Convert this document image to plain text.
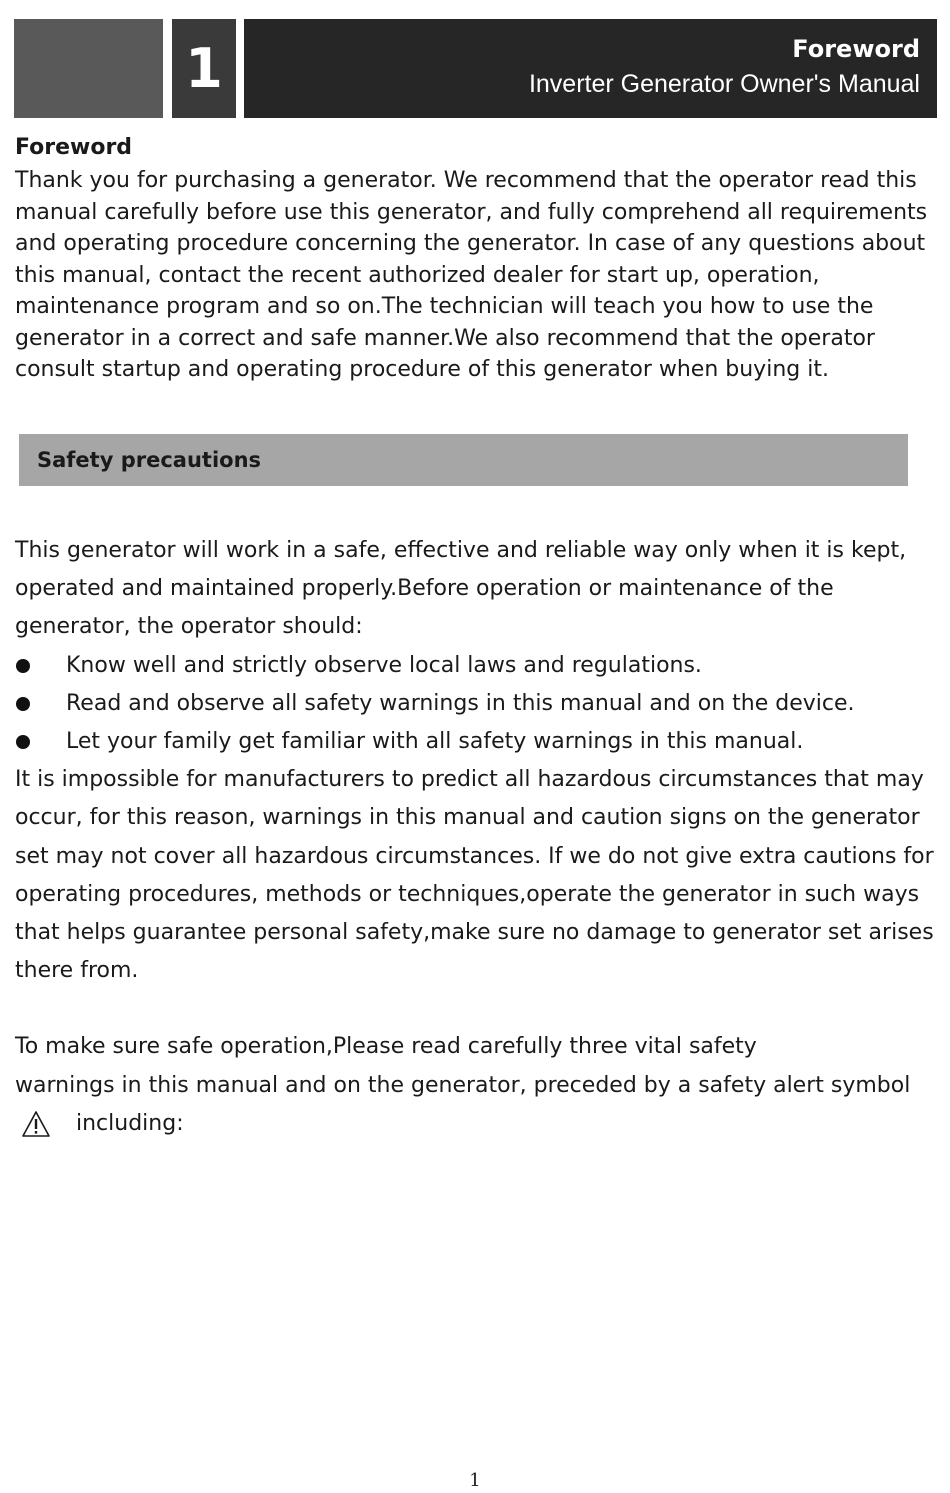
1	Foreword
Inverter Generator Owner's Manual

Foreword

Thank you for purchasing a generator. We recommend that the operator read this manual carefully before use this generator, and fully comprehend all requirements and operating procedure concerning the generator. In case of any questions about this manual, contact the recent authorized dealer for start up, operation, maintenance program and so on.The technician will teach you how to use the generator in a correct and safe manner.We also recommend that the operator consult startup and operating procedure of this generator when buying it.

Safety precautions

This generator will work in a safe, effective and reliable way only when it is kept, operated and maintained properly.Before operation or maintenance of the generator, the operator should:

Know well and strictly observe local laws and regulations.
Read and observe all safety warnings in this manual and on the device.
Let your family get familiar with all safety warnings in this manual.

It is impossible for manufacturers to predict all hazardous circumstances that may occur, for this reason, warnings in this manual and caution signs on the generator set may not cover all hazardous circumstances. If we do not give extra cautions for operating procedures, methods or techniques,operate the generator in such ways that helps guarantee personal safety,make sure no damage to generator set arises there from.

To make sure safe operation,Please read carefully three vital safety

warnings in this manual and on the generator, preceded by a safety alert symbol

including:
1
